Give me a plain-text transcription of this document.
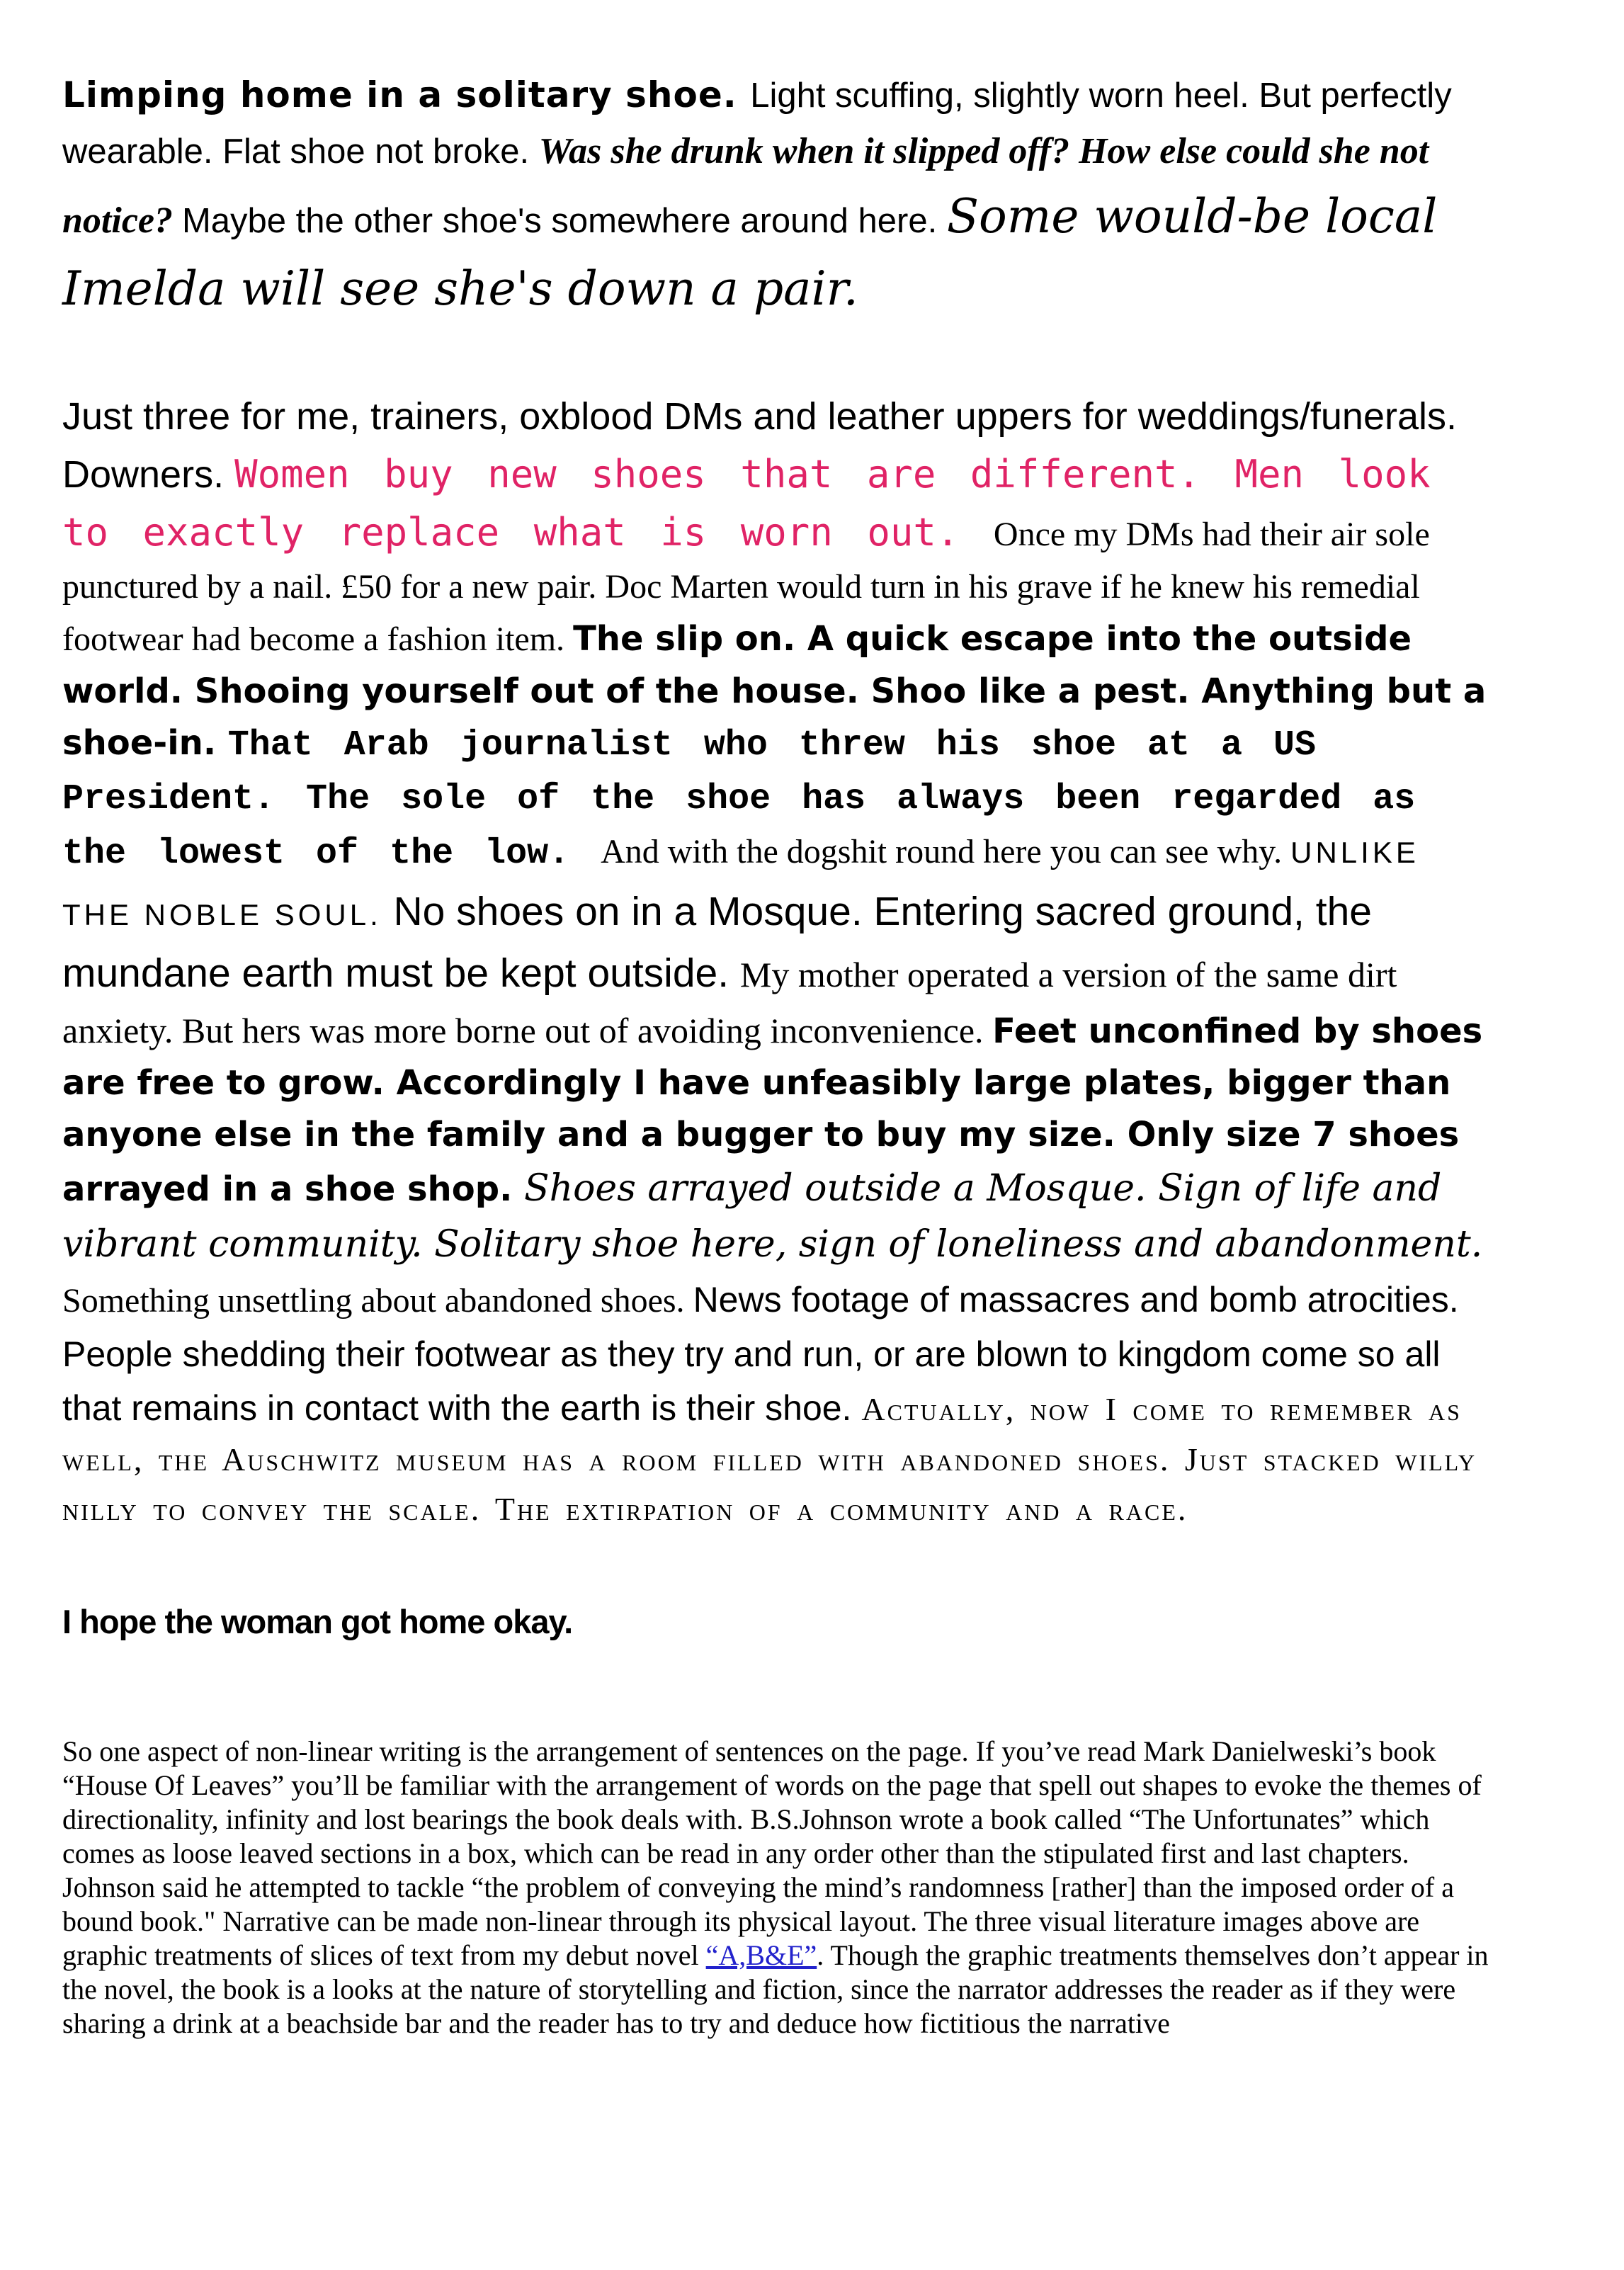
Limping home in a solitary shoe. Light scuffing, slightly worn heel. But perfectly wearable. Flat shoe not broke. Was she drunk when it slipped off? How else could she not notice? Maybe the other shoe's somewhere around here. Some would-be local Imelda will see she's down a pair.

Just three for me, trainers, oxblood DMs and leather uppers for weddings/funerals. Downers. Women buy new shoes that are different. Men look to exactly replace what is worn out. Once my DMs had their air sole punctured by a nail. £50 for a new pair. Doc Marten would turn in his grave if he knew his remedial footwear had become a fashion item. The slip on. A quick escape into the outside world. Shooing yourself out of the house. Shoo like a pest. Anything but a shoe-in. That Arab journalist who threw his shoe at a US President. The sole of the shoe has always been regarded as the lowest of the low. And with the dogshit round here you can see why. UNLIKE THE NOBLE SOUL. No shoes on in a Mosque. Entering sacred ground, the mundane earth must be kept outside. My mother operated a version of the same dirt anxiety. But hers was more borne out of avoiding inconvenience. Feet unconfined by shoes are free to grow. Accordingly I have unfeasibly large plates, bigger than anyone else in the family and a bugger to buy my size. Only size 7 shoes arrayed in a shoe shop. Shoes arrayed outside a Mosque. Sign of life and vibrant community. Solitary shoe here, sign of loneliness and abandonment. Something unsettling about abandoned shoes. News footage of massacres and bomb atrocities. People shedding their footwear as they try and run, or are blown to kingdom come so all that remains in contact with the earth is their shoe. Actually, now I come to remember as well, the Auschwitz museum has a room filled with abandoned shoes. Just stacked willy nilly to convey the scale. The extirpation of a community and a race.

I hope the woman got home okay.

So one aspect of non-linear writing is the arrangement of sentences on the page. If you’ve read Mark Danielweski’s book “House Of Leaves” you’ll be familiar with the arrangement of words on the page that spell out shapes to evoke the themes of directionality, infinity and lost bearings the book deals with. B.S.Johnson wrote a book called “The Unfortunates” which comes as loose leaved sections in a box, which can be read in any order other than the stipulated first and last chapters. Johnson said he attempted to tackle “the problem of conveying the mind’s randomness [rather] than the imposed order of a bound book." Narrative can be made non-linear through its physical layout. The three visual literature images above are graphic treatments of slices of text from my debut novel “A,B&E”. Though the graphic treatments themselves don’t appear in the novel, the book is a looks at the nature of storytelling and fiction, since the narrator addresses the reader as if they were sharing a drink at a beachside bar and the reader has to try and deduce how fictitious the narrative
